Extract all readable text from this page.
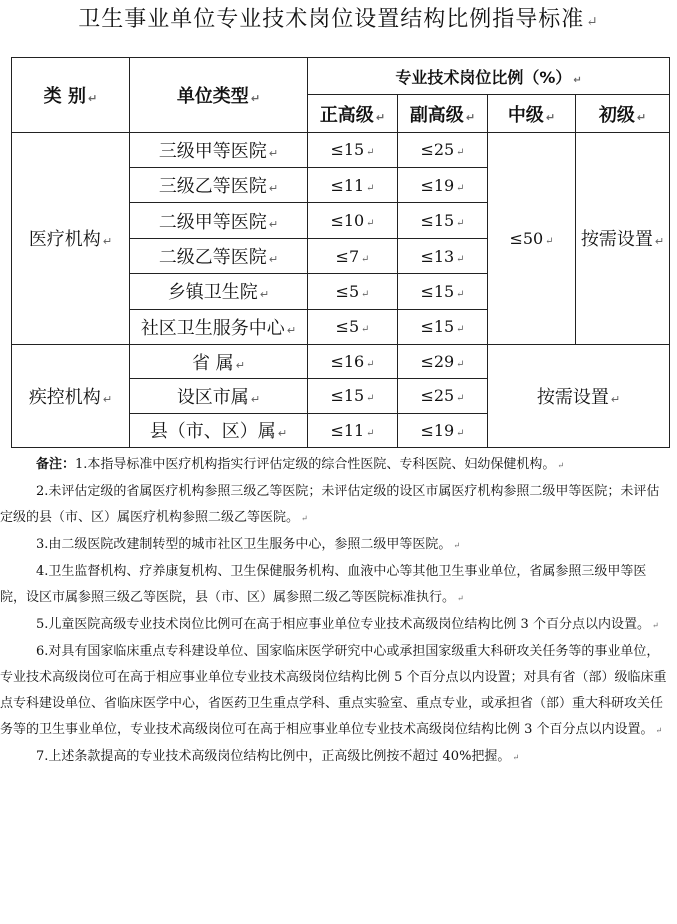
卫生事业单位专业技术岗位设置结构比例指导标准 ↵
类 别 ↵	单位类型 ↵	专业技术岗位比例（%） ↵			
		正高级 ↵	副高级 ↵	中级 ↵	初级 ↵
医疗机构 ↵	三级甲等医院 ↵	≤15 ↵	≤25 ↵	≤50 ↵	按需设置 ↵
	三级乙等医院 ↵	≤11 ↵	≤19 ↵		
	二级甲等医院 ↵	≤10 ↵	≤15 ↵		
	二级乙等医院 ↵	≤7 ↵	≤13 ↵		
	乡镇卫生院 ↵	≤5 ↵	≤15 ↵		
	社区卫生服务中心 ↵	≤5 ↵	≤15 ↵		
疾控机构 ↵	省 属 ↵	≤16 ↵	≤29 ↵	按需设置 ↵	
	设区市属 ↵	≤15 ↵	≤25 ↵		
	县（市、区）属 ↵	≤11 ↵	≤19 ↵		

备注：1.本指导标准中医疗机构指实行评估定级的综合性医院、专科医院、妇幼保健机构。 ↵

2.未评估定级的省属医疗机构参照三级乙等医院；未评估定级的设区市属医疗机构参照二级甲等医院；未评估定级的县（市、区）属医疗机构参照二级乙等医院。 ↵

3.由二级医院改建制转型的城市社区卫生服务中心，参照二级甲等医院。 ↵

4.卫生监督机构、疗养康复机构、卫生保健服务机构、血液中心等其他卫生事业单位，省属参照三级甲等医院，设区市属参照三级乙等医院，县（市、区）属参照二级乙等医院标准执行。 ↵

5.儿童医院高级专业技术岗位比例可在高于相应事业单位专业技术高级岗位结构比例 3 个百分点以内设置。 ↵

6.对具有国家临床重点专科建设单位、国家临床医学研究中心或承担国家级重大科研攻关任务等的事业单位，专业技术高级岗位可在高于相应事业单位专业技术高级岗位结构比例 5 个百分点以内设置；对具有省（部）级临床重点专科建设单位、省临床医学中心，省医药卫生重点学科、重点实验室、重点专业，或承担省（部）重大科研攻关任务等的卫生事业单位，专业技术高级岗位可在高于相应事业单位专业技术高级岗位结构比例 3 个百分点以内设置。 ↵

7.上述条款提高的专业技术高级岗位结构比例中，正高级比例按不超过 40%把握。 ↵
